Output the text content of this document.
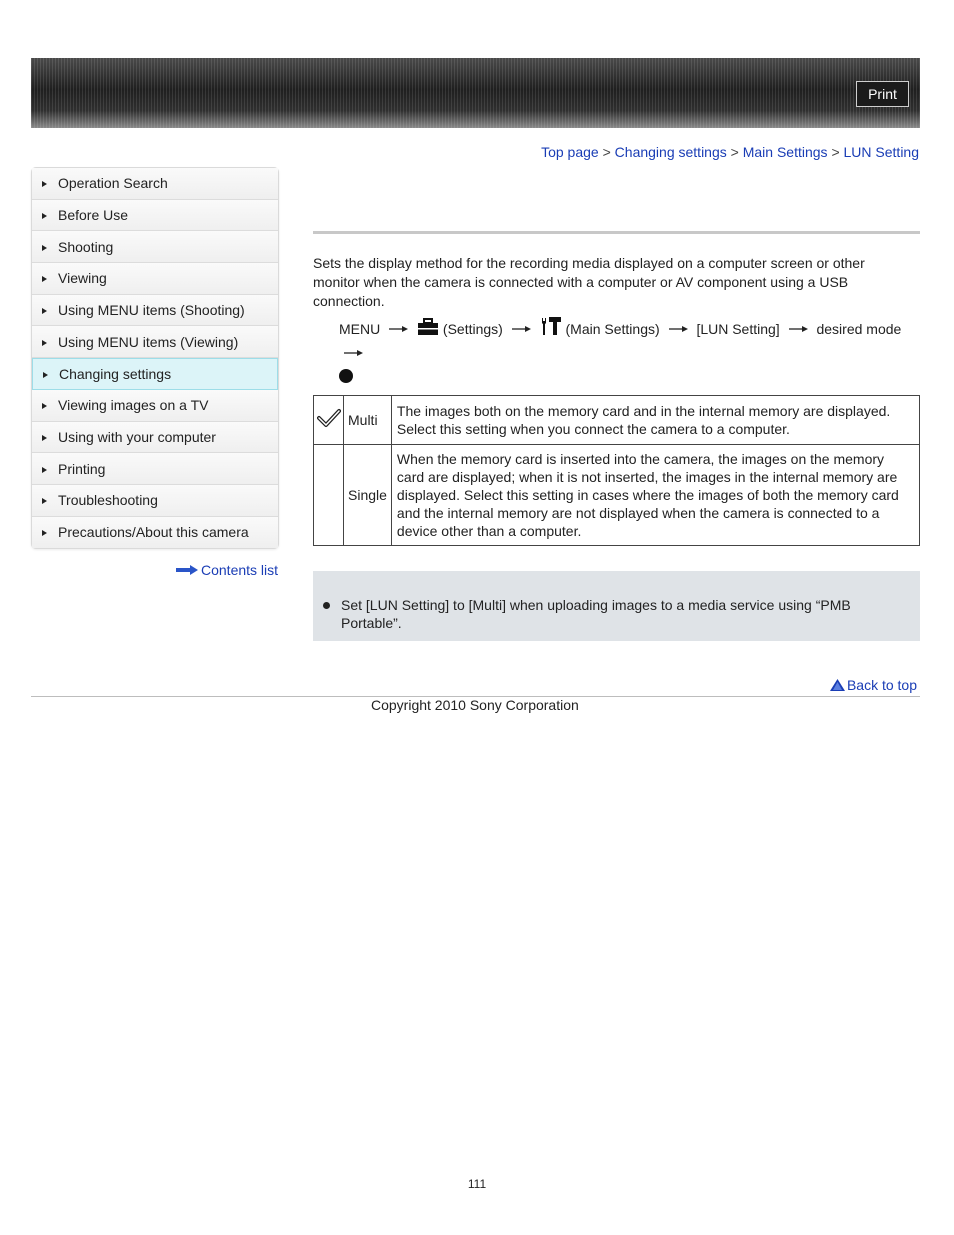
Print
Top page > Changing settings > Main Settings > LUN Setting
Operation Search
Before Use
Shooting
Viewing
Using MENU items (Shooting)
Using MENU items (Viewing)
Changing settings
Viewing images on a TV
Using with your computer
Printing
Troubleshooting
Precautions/About this camera
Contents list
Sets the display method for the recording media displayed on a computer screen or other monitor when the camera is connected with a computer or AV component using a USB connection.
MENU	(Settings)	(Main Settings)	[LUN Setting]	desired mode
	Multi	The images both on the memory card and in the internal memory are displayed. Select this setting when you connect the camera to a computer.
	Single	When the memory card is inserted into the camera, the images on the memory card are displayed; when it is not inserted, the images in the internal memory are displayed. Select this setting in cases where the images of both the memory card and the internal memory are not displayed when the camera is connected to a device other than a computer.
Set [LUN Setting] to [Multi] when uploading images to a media service using “PMB Portable”.
Back to top
Copyright 2010 Sony Corporation
111
